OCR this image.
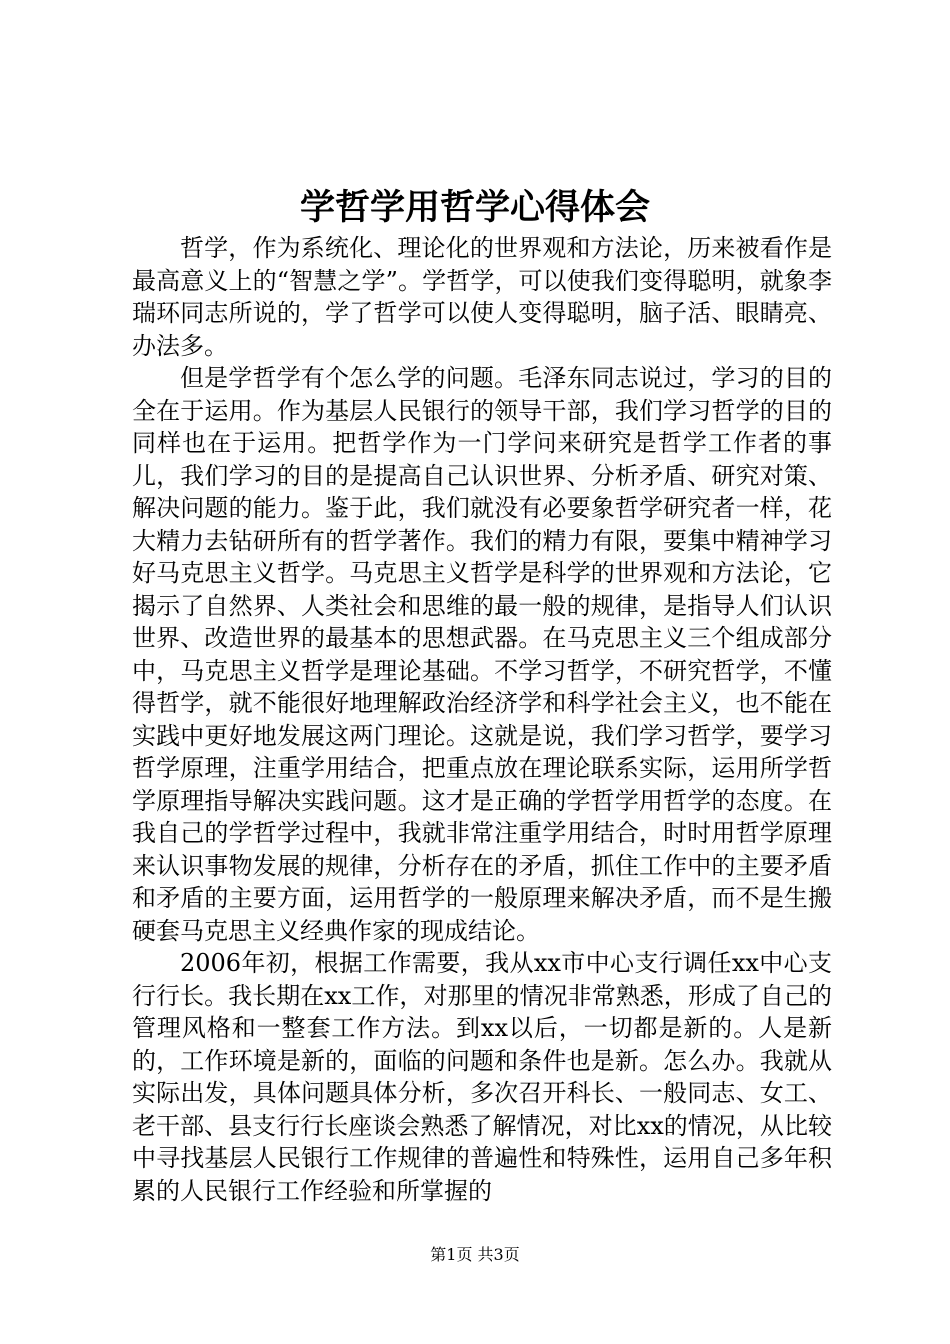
学哲学用哲学心得体会

哲学，作为系统化、理论化的世界观和方法论，历来被看作是最高意义上的“智慧之学”。学哲学，可以使我们变得聪明，就象李瑞环同志所说的，学了哲学可以使人变得聪明，脑子活、眼睛亮、办法多。

但是学哲学有个怎么学的问题。毛泽东同志说过，学习的目的全在于运用。作为基层人民银行的领导干部，我们学习哲学的目的同样也在于运用。把哲学作为一门学问来研究是哲学工作者的事儿，我们学习的目的是提高自己认识世界、分析矛盾、研究对策、解决问题的能力。鉴于此，我们就没有必要象哲学研究者一样，花大精力去钻研所有的哲学著作。我们的精力有限，要集中精神学习好马克思主义哲学。马克思主义哲学是科学的世界观和方法论，它揭示了自然界、人类社会和思维的最一般的规律，是指导人们认识世界、改造世界的最基本的思想武器。在马克思主义三个组成部分中，马克思主义哲学是理论基础。不学习哲学，不研究哲学，不懂得哲学，就不能很好地理解政治经济学和科学社会主义，也不能在实践中更好地发展这两门理论。这就是说，我们学习哲学，要学习哲学原理，注重学用结合，把重点放在理论联系实际，运用所学哲学原理指导解决实践问题。这才是正确的学哲学用哲学的态度。在我自己的学哲学过程中，我就非常注重学用结合，时时用哲学原理来认识事物发展的规律，分析存在的矛盾，抓住工作中的主要矛盾和矛盾的主要方面，运用哲学的一般原理来解决矛盾，而不是生搬硬套马克思主义经典作家的现成结论。

2006年初，根据工作需要，我从xx市中心支行调任xx中心支行行长。我长期在xx工作，对那里的情况非常熟悉，形成了自己的管理风格和一整套工作方法。到xx以后，一切都是新的。人是新的，工作环境是新的，面临的问题和条件也是新。怎么办。我就从实际出发，具体问题具体分析，多次召开科长、一般同志、女工、老干部、县支行行长座谈会熟悉了解情况，对比xx的情况，从比较中寻找基层人民银行工作规律的普遍性和特殊性，运用自己多年积累的人民银行工作经验和所掌握的

第1页 共3页
